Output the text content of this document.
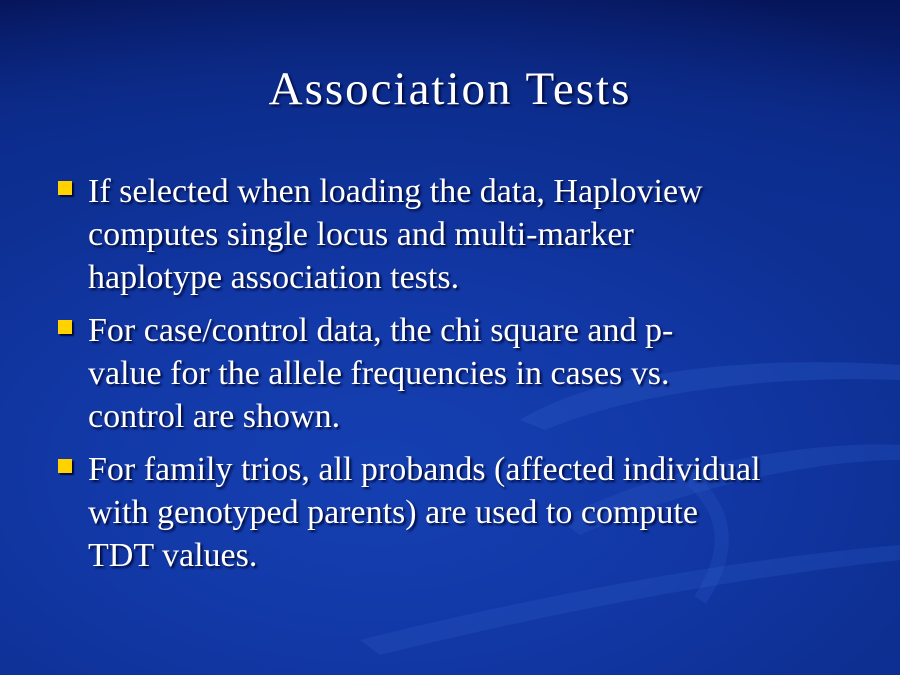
Association Tests
If selected when loading the data, Haploview
computes single locus and multi-marker
haplotype association tests.
For case/control data, the chi square and p-
value for the allele frequencies in cases vs.
control are shown.
For family trios, all probands (affected individual
with genotyped parents) are used to compute
TDT values.
